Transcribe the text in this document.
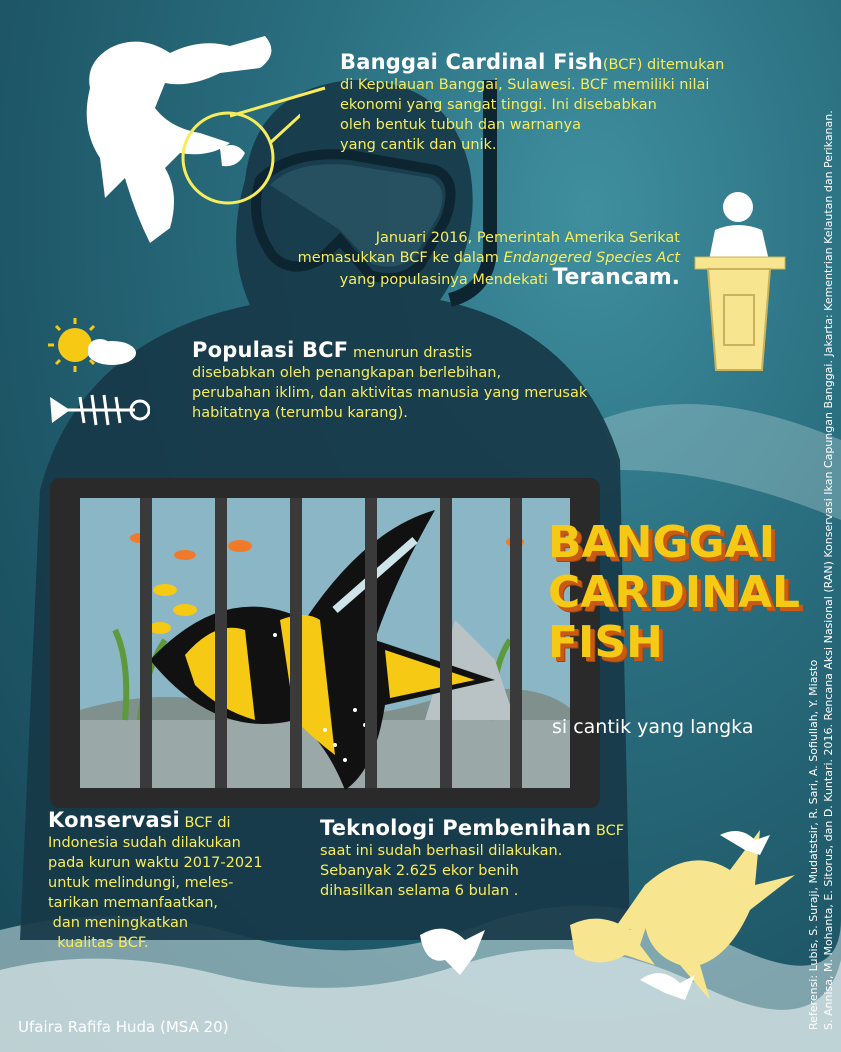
Banggai Cardinal Fish(BCF) ditemukan
di Kepulauan Banggai, Sulawesi. BCF memiliki nilai
ekonomi yang sangat tinggi. Ini disebabkan
oleh bentuk tubuh dan warnanya
yang cantik dan unik.
Januari 2016, Pemerintah Amerika Serikat
memasukkan BCF ke dalam Endangered Species Act
yang populasinya Mendekati Terancam.
Populasi BCF menurun drastis
disebabkan oleh penangkapan berlebihan,
perubahan iklim, dan aktivitas manusia yang merusak
habitatnya (terumbu karang).
BANGGAI
CARDINAL
FISH
si cantik yang langka
Konservasi BCF di
Indonesia sudah dilakukan
pada kurun waktu 2017-2021
untuk melindungi, meles-
tarikan memanfaatkan,
dan meningkatkan
kualitas BCF.
Teknologi Pembenihan BCF
saat ini sudah berhasil dilakukan.
Sebanyak 2.625 ekor benih
dihasilkan selama 6 bulan .
Ufaira Rafifa Huda (MSA 20)	Referensi: Lubis, S. Suraji, Mudatstsir, R. Sari, A. Sofiullah, Y. Miasto S. Annisa, M. Mohanta, E. Sitorus, dan D. Kuntari. 2016. Rencana Aksi Nasional (RAN) Konservasi Ikan Capungan Banggai. Jakarta: Kementrian Kelautan dan Perikanan.
